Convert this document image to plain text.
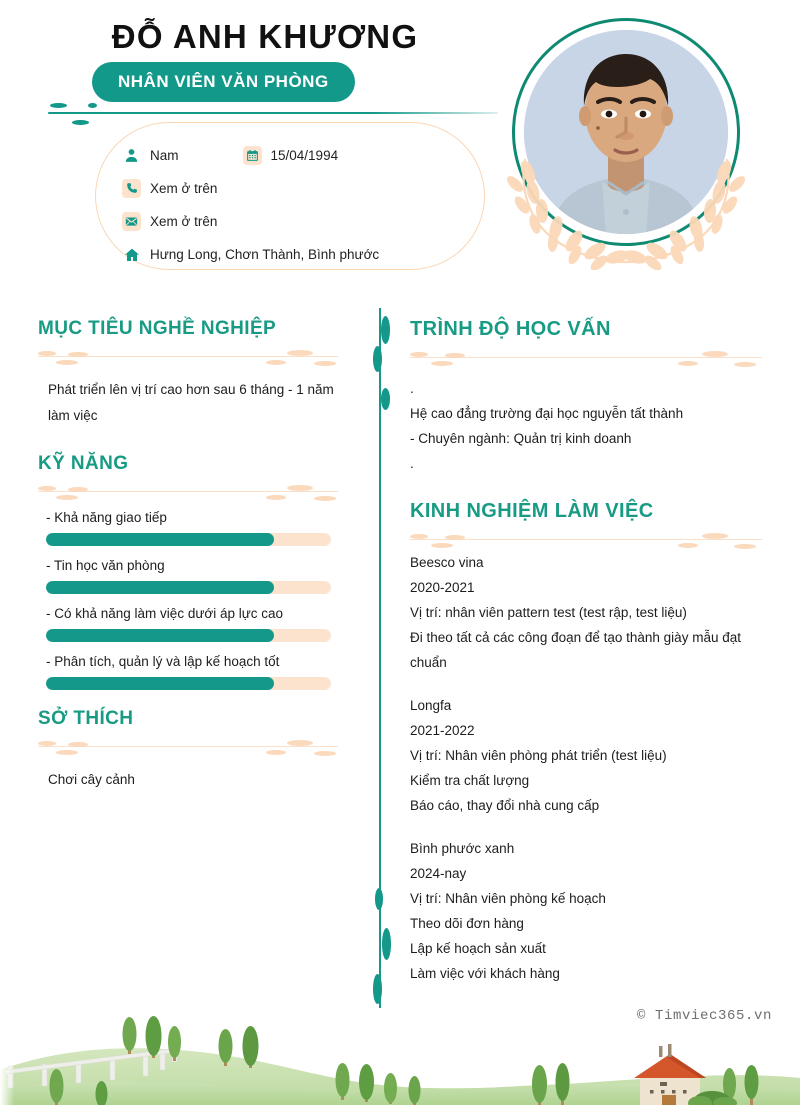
ĐỖ ANH KHƯƠNG
NHÂN VIÊN VĂN PHÒNG
Nam	15/04/1994
Xem ở trên
Xem ở trên
Hưng Long, Chơn Thành, Bình phước
MỤC TIÊU NGHỀ NGHIỆP
Phát triển lên vị trí cao hơn sau 6 tháng - 1 năm làm việc
KỸ NĂNG
- Khả năng giao tiếp
- Tin học văn phòng
- Có khả năng làm việc dưới áp lực cao
- Phân tích, quản lý và lập kế hoạch tốt
SỞ THÍCH
Chơi cây cảnh
TRÌNH ĐỘ HỌC VẤN
.
Hệ cao đẳng trường đại học nguyễn tất thành
- Chuyên ngành: Quản trị kinh doanh
.
KINH NGHIỆM LÀM VIỆC
Beesco vina
2020-2021
Vị trí: nhân viên pattern test (test rập, test liệu)
Đi theo tất cả các công đoạn để tạo thành giày mẫu đạt chuẩn
Longfa
2021-2022
Vị trí: Nhân viên phòng phát triển (test liệu)
Kiểm tra chất lượng
Báo cáo, thay đổi nhà cung cấp
Bình phước xanh
2024-nay
Vị trí: Nhân viên phòng kế hoạch
Theo dõi đơn hàng
Lập kế hoạch sản xuất
Làm việc với khách hàng
© Timviec365.vn
